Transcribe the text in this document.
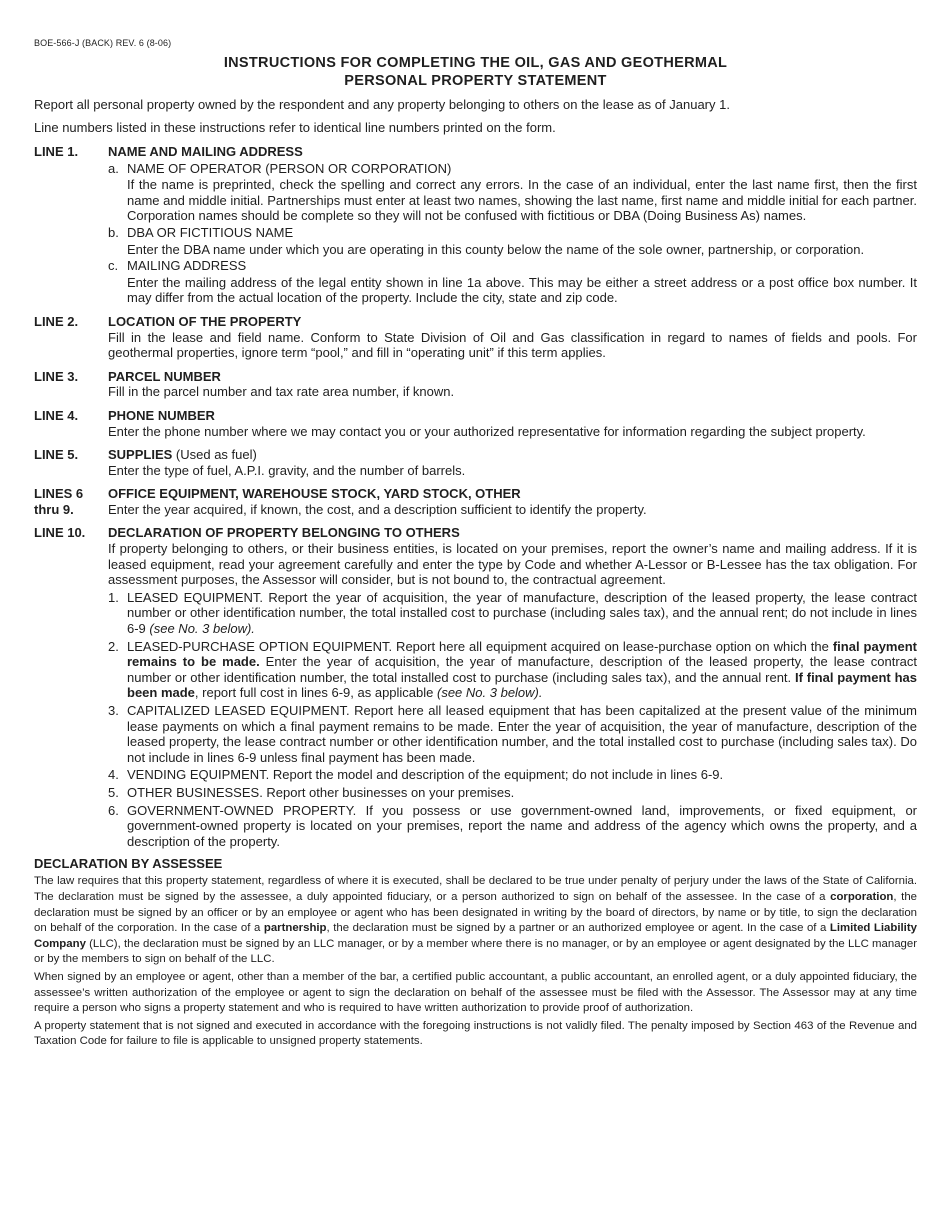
BOE-566-J (BACK) REV. 6 (8-06)
INSTRUCTIONS FOR COMPLETING THE OIL, GAS AND GEOTHERMAL
PERSONAL PROPERTY STATEMENT

Report all personal property owned by the respondent and any property belonging to others on the lease as of January 1.

Line numbers listed in these instructions refer to identical line numbers printed on the form.

LINE 1.	NAME AND MAILING ADDRESS
a. NAME OF OPERATOR (PERSON OR CORPORATION)

If the name is preprinted, check the spelling and correct any errors. In the case of an individual, enter the last name first, then the first name and middle initial. Partnerships must enter at least two names, showing the last name, first name and middle initial for each partner. Corporation names should be complete so they will not be confused with fictitious or DBA (Doing Business As) names.

b. DBA OR FICTITIOUS NAME

Enter the DBA name under which you are operating in this county below the name of the sole owner, partnership, or corporation.

c. MAILING ADDRESS

Enter the mailing address of the legal entity shown in line 1a above. This may be either a street address or a post office box number. It may differ from the actual location of the property. Include the city, state and zip code.

LINE 2.	LOCATION OF THE PROPERTY

Fill in the lease and field name. Conform to State Division of Oil and Gas classification in regard to names of fields and pools. For geothermal properties, ignore term “pool,” and fill in “operating unit” if this term applies.

LINE 3.	PARCEL NUMBER

Fill in the parcel number and tax rate area number, if known.

LINE 4.	PHONE NUMBER

Enter the phone number where we may contact you or your authorized representative for information regarding the subject property.

LINE 5.	SUPPLIES (Used as fuel)

Enter the type of fuel, A.P.I. gravity, and the number of barrels.

LINES 6
thru 9.
OFFICE EQUIPMENT, WAREHOUSE STOCK, YARD STOCK, OTHER

Enter the year acquired, if known, the cost, and a description sufficient to identify the property.

LINE 10.	DECLARATION OF PROPERTY BELONGING TO OTHERS

If property belonging to others, or their business entities, is located on your premises, report the owner’s name and mailing address. If it is leased equipment, read your agreement carefully and enter the type by Code and whether A-Lessor or B-Lessee has the tax obligation. For assessment purposes, the Assessor will consider, but is not bound to, the contractual agreement.

1. LEASED EQUIPMENT. Report the year of acquisition, the year of manufacture, description of the leased property, the lease contract number or other identification number, the total installed cost to purchase (including sales tax), and the annual rent; do not include in lines 6-9 (see No. 3 below).

2. LEASED-PURCHASE OPTION EQUIPMENT. Report here all equipment acquired on lease-purchase option on which the final payment remains to be made. Enter the year of acquisition, the year of manufacture, description of the leased property, the lease contract number or other identification number, the total installed cost to purchase (including sales tax), and the annual rent. If final payment has been made, report full cost in lines 6-9, as applicable (see No. 3 below).

3. CAPITALIZED LEASED EQUIPMENT. Report here all leased equipment that has been capitalized at the present value of the minimum lease payments on which a final payment remains to be made. Enter the year of acquisition, the year of manufacture, description of the leased property, the lease contract number or other identification number, and the total installed cost to purchase (including sales tax). Do not include in lines 6-9 unless final payment has been made.

4. VENDING EQUIPMENT. Report the model and description of the equipment; do not include in lines 6-9.

5. OTHER BUSINESSES. Report other businesses on your premises.

6. GOVERNMENT-OWNED PROPERTY. If you possess or use government-owned land, improvements, or fixed equipment, or government-owned property is located on your premises, report the name and address of the agency which owns the property, and a description of the property.

DECLARATION BY ASSESSEE

The law requires that this property statement, regardless of where it is executed, shall be declared to be true under penalty of perjury under the laws of the State of California. The declaration must be signed by the assessee, a duly appointed fiduciary, or a person authorized to sign on behalf of the assessee. In the case of a corporation, the declaration must be signed by an officer or by an employee or agent who has been designated in writing by the board of directors, by name or by title, to sign the declaration on behalf of the corporation. In the case of a partnership, the declaration must be signed by a partner or an authorized employee or agent. In the case of a Limited Liability Company (LLC), the declaration must be signed by an LLC manager, or by a member where there is no manager, or by an employee or agent designated by the LLC manager or by the members to sign on behalf of the LLC.

When signed by an employee or agent, other than a member of the bar, a certified public accountant, a public accountant, an enrolled agent, or a duly appointed fiduciary, the assessee’s written authorization of the employee or agent to sign the declaration on behalf of the assessee must be filed with the Assessor. The Assessor may at any time require a person who signs a property statement and who is required to have written authorization to provide proof of authorization.

A property statement that is not signed and executed in accordance with the foregoing instructions is not validly filed. The penalty imposed by Section 463 of the Revenue and Taxation Code for failure to file is applicable to unsigned property statements.
